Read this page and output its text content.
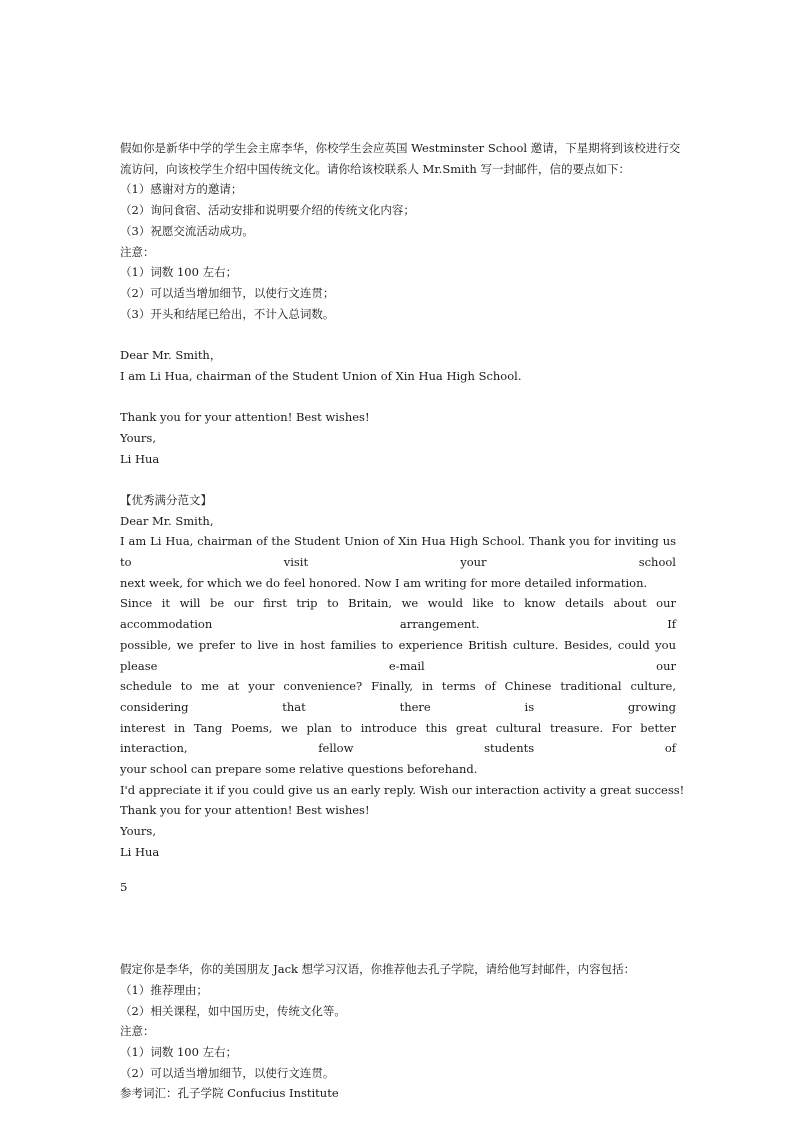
假如你是新华中学的学生会主席李华，你校学生会应英国 Westminster School 邀请，下星期将到该校进行交
流访问，向该校学生介绍中国传统文化。请你给该校联系人 Mr.Smith 写一封邮件，信的要点如下：
（1）感谢对方的邀请；
（2）询问食宿、活动安排和说明要介绍的传统文化内容；
（3）祝愿交流活动成功。
注意：
（1）词数 100 左右；
（2）可以适当增加细节，以使行文连贯；
（3）开头和结尾已给出，不计入总词数。
Dear Mr. Smith，
I am Li Hua, chairman of the Student Union of Xin Hua High School.
Thank you for your attention! Best wishes!
Yours,
Li Hua
【优秀满分范文】
Dear Mr. Smith,
I am Li Hua, chairman of the Student Union of Xin Hua High School. Thank you for inviting us to visit your school
next week, for which we do feel honored. Now I am writing for more detailed information.
Since it will be our first trip to Britain, we would like to know details about our accommodation arrangement. If
possible, we prefer to live in host families to experience British culture. Besides, could you please e-mail our
schedule to me at your convenience? Finally, in terms of Chinese traditional culture, considering that there is growing
interest in Tang Poems, we plan to introduce this great cultural treasure. For better interaction, fellow students of
your school can prepare some relative questions beforehand.
I'd appreciate it if you could give us an early reply. Wish our interaction activity a great success!
Thank you for your attention! Best wishes!
Yours,
Li Hua
5
假定你是李华，你的美国朋友 Jack 想学习汉语，你推荐他去孔子学院，请给他写封邮件，内容包括：
（1）推荐理由；
（2）相关课程，如中国历史，传统文化等。
注意：
（1）词数 100 左右；
（2）可以适当增加细节，以使行文连贯。
参考词汇：孔子学院 Confucius Institute
